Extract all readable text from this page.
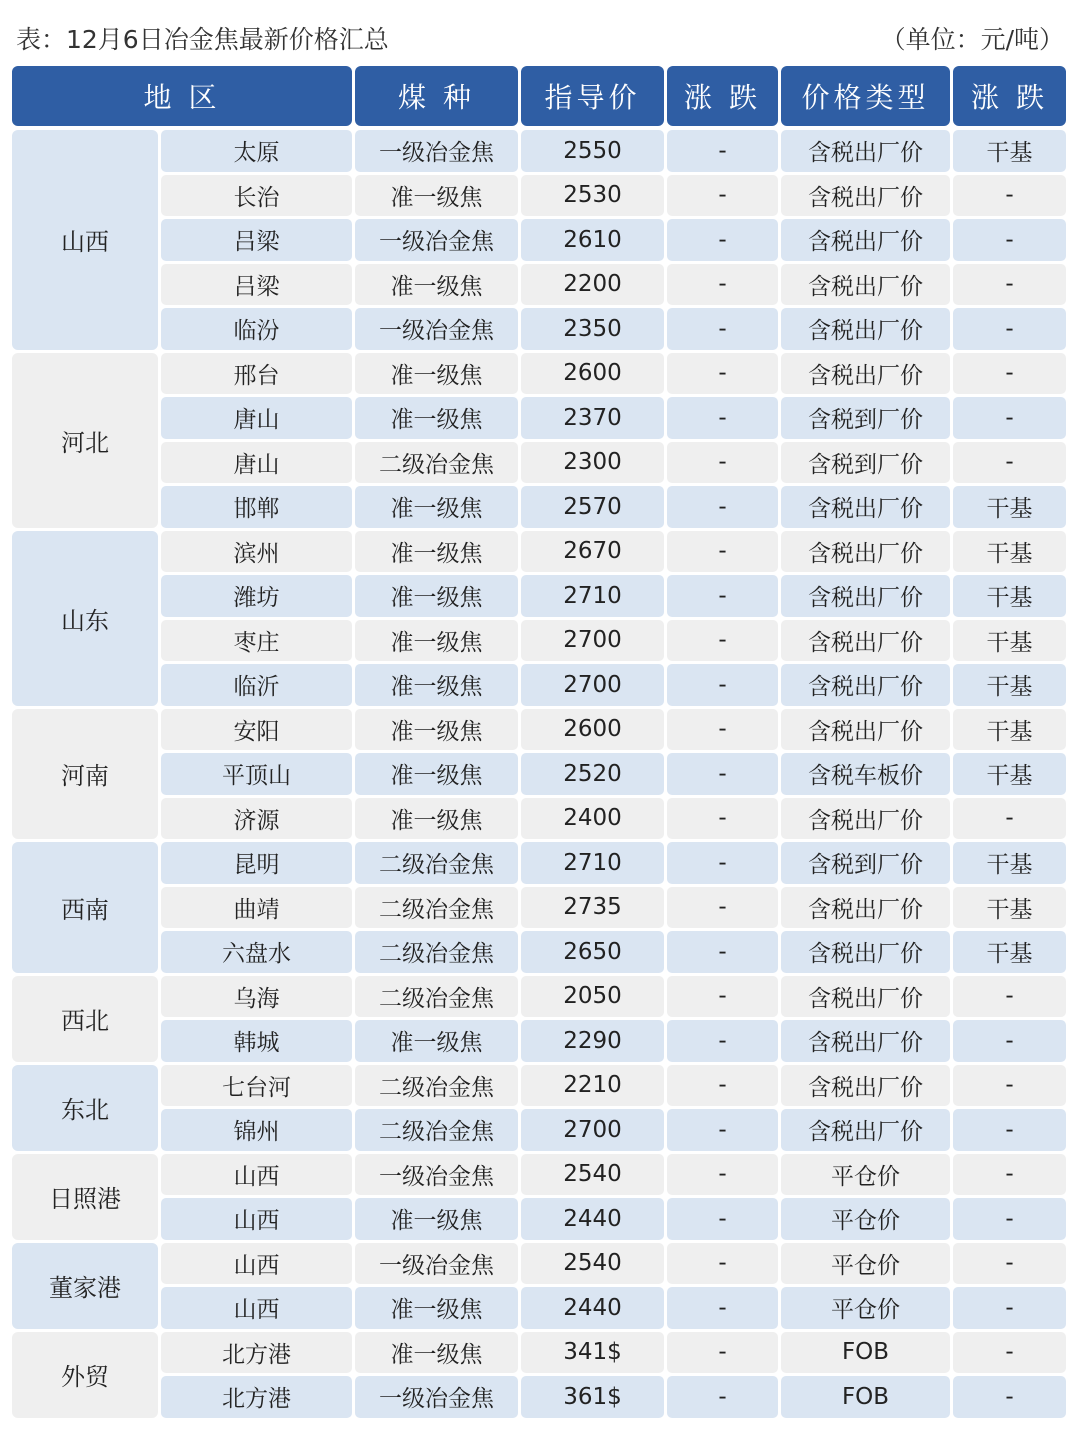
表：12月6日冶金焦最新价格汇总	（单位：元/吨）
地 区	煤 种	指导价	涨 跌	价格类型	涨 跌
山西
太原	一级冶金焦	2550	-	含税出厂价	干基
长治	准一级焦	2530	-	含税出厂价	-
吕梁	一级冶金焦	2610	-	含税出厂价	-
吕梁	准一级焦	2200	-	含税出厂价	-
临汾	一级冶金焦	2350	-	含税出厂价	-
河北
邢台	准一级焦	2600	-	含税出厂价	-
唐山	准一级焦	2370	-	含税到厂价	-
唐山	二级冶金焦	2300	-	含税到厂价	-
邯郸	准一级焦	2570	-	含税出厂价	干基
山东
滨州	准一级焦	2670	-	含税出厂价	干基
潍坊	准一级焦	2710	-	含税出厂价	干基
枣庄	准一级焦	2700	-	含税出厂价	干基
临沂	准一级焦	2700	-	含税出厂价	干基
河南
安阳	准一级焦	2600	-	含税出厂价	干基
平顶山	准一级焦	2520	-	含税车板价	干基
济源	准一级焦	2400	-	含税出厂价	-
西南
昆明	二级冶金焦	2710	-	含税到厂价	干基
曲靖	二级冶金焦	2735	-	含税出厂价	干基
六盘水	二级冶金焦	2650	-	含税出厂价	干基
西北
乌海	二级冶金焦	2050	-	含税出厂价	-
韩城	准一级焦	2290	-	含税出厂价	-
东北
七台河	二级冶金焦	2210	-	含税出厂价	-
锦州	二级冶金焦	2700	-	含税出厂价	-
日照港
山西	一级冶金焦	2540	-	平仓价	-
山西	准一级焦	2440	-	平仓价	-
董家港
山西	一级冶金焦	2540	-	平仓价	-
山西	准一级焦	2440	-	平仓价	-
外贸
北方港	准一级焦	341$	-	FOB	-
北方港	一级冶金焦	361$	-	FOB	-
